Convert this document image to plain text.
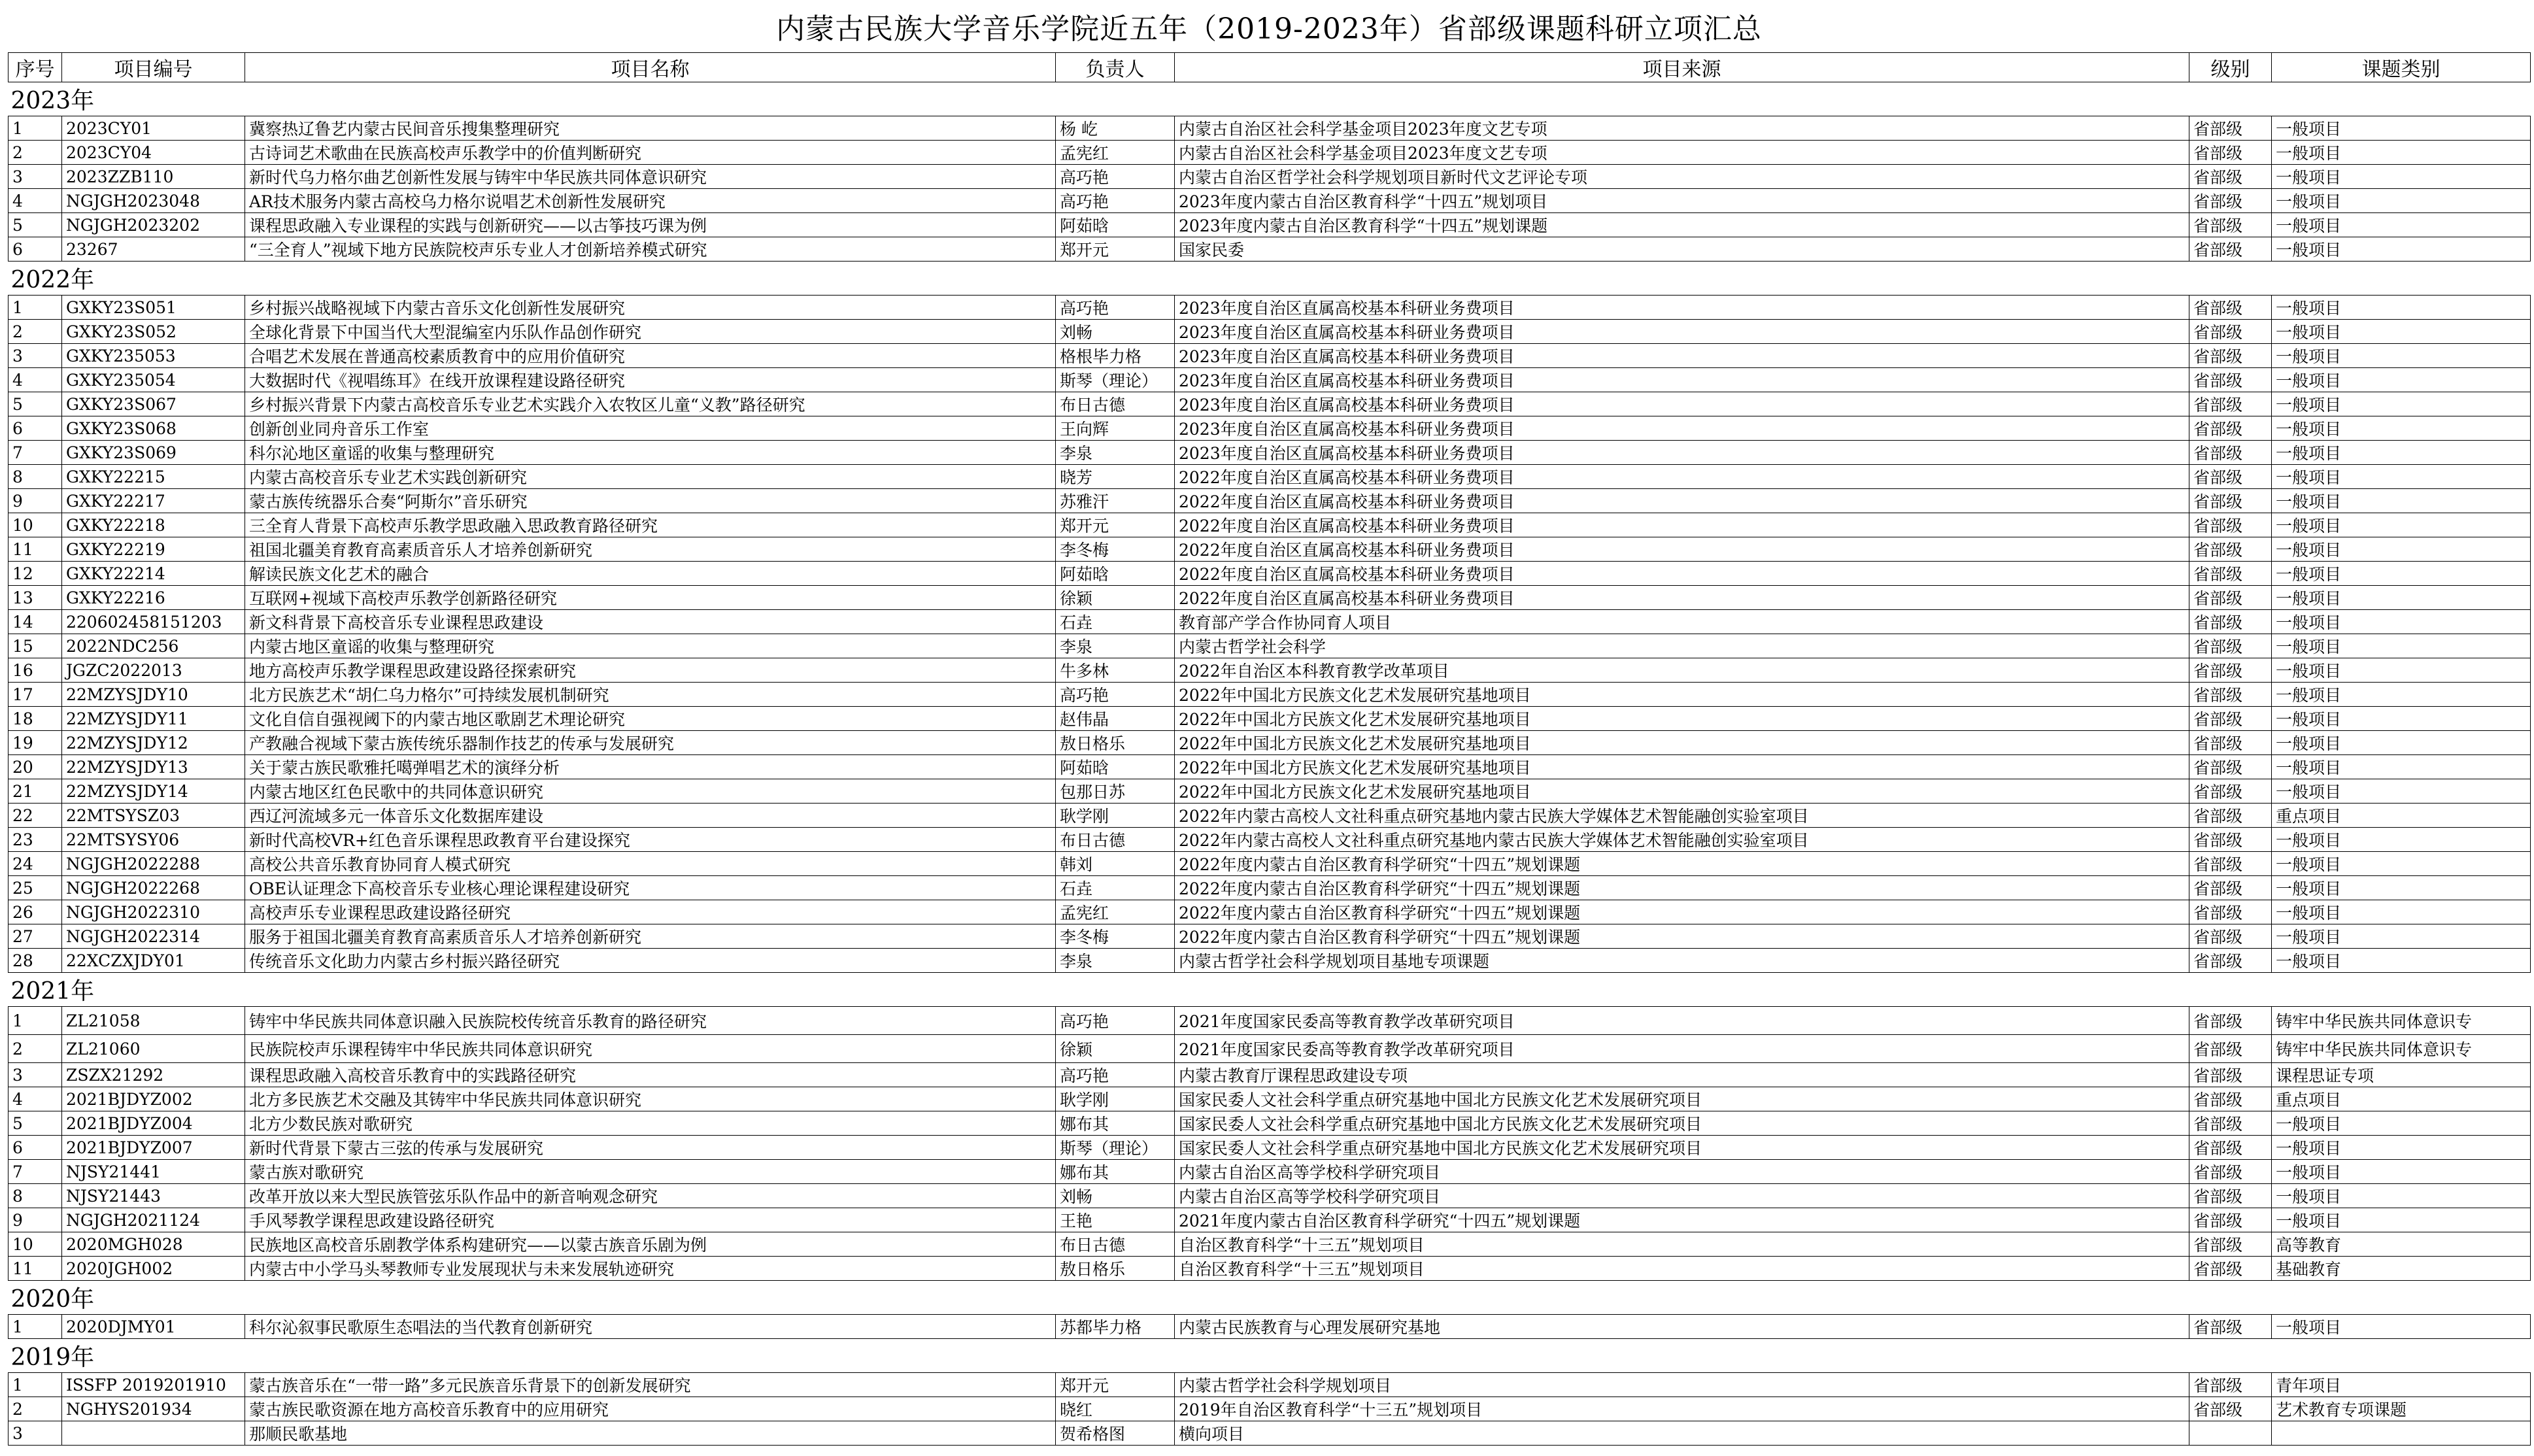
内蒙古民族大学音乐学院近五年（2019-2023年）省部级课题科研立项汇总
序号	项目编号	项目名称	负责人	项目来源	级别	课题类别
2023年						
1	2023CY01	冀察热辽鲁艺内蒙古民间音乐搜集整理研究	杨 屹	内蒙古自治区社会科学基金项目2023年度文艺专项	省部级	一般项目
2	2023CY04	古诗词艺术歌曲在民族高校声乐教学中的价值判断研究	孟宪红	内蒙古自治区社会科学基金项目2023年度文艺专项	省部级	一般项目
3	2023ZZB110	新时代乌力格尔曲艺创新性发展与铸牢中华民族共同体意识研究	高巧艳	内蒙古自治区哲学社会科学规划项目新时代文艺评论专项	省部级	一般项目
4	NGJGH2023048	AR技术服务内蒙古高校乌力格尔说唱艺术创新性发展研究	高巧艳	2023年度内蒙古自治区教育科学“十四五”规划项目	省部级	一般项目
5	NGJGH2023202	课程思政融入专业课程的实践与创新研究——以古筝技巧课为例	阿茹晗	2023年度内蒙古自治区教育科学“十四五”规划课题	省部级	一般项目
6	23267	“三全育人”视域下地方民族院校声乐专业人才创新培养模式研究	郑开元	国家民委	省部级	一般项目
2022年						
1	GXKY23S051	乡村振兴战略视域下内蒙古音乐文化创新性发展研究	高巧艳	2023年度自治区直属高校基本科研业务费项目	省部级	一般项目
2	GXKY23S052	全球化背景下中国当代大型混编室内乐队作品创作研究	刘畅	2023年度自治区直属高校基本科研业务费项目	省部级	一般项目
3	GXKY235053	合唱艺术发展在普通高校素质教育中的应用价值研究	格根毕力格	2023年度自治区直属高校基本科研业务费项目	省部级	一般项目
4	GXKY235054	大数据时代《视唱练耳》在线开放课程建设路径研究	斯琴（理论）	2023年度自治区直属高校基本科研业务费项目	省部级	一般项目
5	GXKY23S067	乡村振兴背景下内蒙古高校音乐专业艺术实践介入农牧区儿童“义教”路径研究	布日古德	2023年度自治区直属高校基本科研业务费项目	省部级	一般项目
6	GXKY23S068	创新创业同舟音乐工作室	王向辉	2023年度自治区直属高校基本科研业务费项目	省部级	一般项目
7	GXKY23S069	科尔沁地区童谣的收集与整理研究	李泉	2023年度自治区直属高校基本科研业务费项目	省部级	一般项目
8	GXKY22215	内蒙古高校音乐专业艺术实践创新研究	晓芳	2022年度自治区直属高校基本科研业务费项目	省部级	一般项目
9	GXKY22217	蒙古族传统器乐合奏“阿斯尔”音乐研究	苏雅汗	2022年度自治区直属高校基本科研业务费项目	省部级	一般项目
10	GXKY22218	三全育人背景下高校声乐教学思政融入思政教育路径研究	郑开元	2022年度自治区直属高校基本科研业务费项目	省部级	一般项目
11	GXKY22219	祖国北疆美育教育高素质音乐人才培养创新研究	李冬梅	2022年度自治区直属高校基本科研业务费项目	省部级	一般项目
12	GXKY22214	解读民族文化艺术的融合	阿茹晗	2022年度自治区直属高校基本科研业务费项目	省部级	一般项目
13	GXKY22216	互联网+视域下高校声乐教学创新路径研究	徐颖	2022年度自治区直属高校基本科研业务费项目	省部级	一般项目
14	220602458151203	新文科背景下高校音乐专业课程思政建设	石垚	教育部产学合作协同育人项目	省部级	一般项目
15	2022NDC256	内蒙古地区童谣的收集与整理研究	李泉	内蒙古哲学社会科学	省部级	一般项目
16	JGZC2022013	地方高校声乐教学课程思政建设路径探索研究	牛多林	2022年自治区本科教育教学改革项目	省部级	一般项目
17	22MZYSJDY10	北方民族艺术“胡仁乌力格尔”可持续发展机制研究	高巧艳	2022年中国北方民族文化艺术发展研究基地项目	省部级	一般项目
18	22MZYSJDY11	文化自信自强视阈下的内蒙古地区歌剧艺术理论研究	赵伟晶	2022年中国北方民族文化艺术发展研究基地项目	省部级	一般项目
19	22MZYSJDY12	产教融合视域下蒙古族传统乐器制作技艺的传承与发展研究	敖日格乐	2022年中国北方民族文化艺术发展研究基地项目	省部级	一般项目
20	22MZYSJDY13	关于蒙古族民歌雅托噶弹唱艺术的演绎分析	阿茹晗	2022年中国北方民族文化艺术发展研究基地项目	省部级	一般项目
21	22MZYSJDY14	内蒙古地区红色民歌中的共同体意识研究	包那日苏	2022年中国北方民族文化艺术发展研究基地项目	省部级	一般项目
22	22MTSYSZ03	西辽河流域多元一体音乐文化数据库建设	耿学刚	2022年内蒙古高校人文社科重点研究基地内蒙古民族大学媒体艺术智能融创实验室项目	省部级	重点项目
23	22MTSYSY06	新时代高校VR+红色音乐课程思政教育平台建设探究	布日古德	2022年内蒙古高校人文社科重点研究基地内蒙古民族大学媒体艺术智能融创实验室项目	省部级	一般项目
24	NGJGH2022288	高校公共音乐教育协同育人模式研究	韩刘	2022年度内蒙古自治区教育科学研究“十四五”规划课题	省部级	一般项目
25	NGJGH2022268	OBE认证理念下高校音乐专业核心理论课程建设研究	石垚	2022年度内蒙古自治区教育科学研究“十四五”规划课题	省部级	一般项目
26	NGJGH2022310	高校声乐专业课程思政建设路径研究	孟宪红	2022年度内蒙古自治区教育科学研究“十四五”规划课题	省部级	一般项目
27	NGJGH2022314	服务于祖国北疆美育教育高素质音乐人才培养创新研究	李冬梅	2022年度内蒙古自治区教育科学研究“十四五”规划课题	省部级	一般项目
28	22XCZXJDY01	传统音乐文化助力内蒙古乡村振兴路径研究	李泉	内蒙古哲学社会科学规划项目基地专项课题	省部级	一般项目
2021年						
1	ZL21058	铸牢中华民族共同体意识融入民族院校传统音乐教育的路径研究	高巧艳	2021年度国家民委高等教育教学改革研究项目	省部级	铸牢中华民族共同体意识专
2	ZL21060	民族院校声乐课程铸牢中华民族共同体意识研究	徐颖	2021年度国家民委高等教育教学改革研究项目	省部级	铸牢中华民族共同体意识专
3	ZSZX21292	课程思政融入高校音乐教育中的实践路径研究	高巧艳	内蒙古教育厅课程思政建设专项	省部级	课程思证专项
4	2021BJDYZ002	北方多民族艺术交融及其铸牢中华民族共同体意识研究	耿学刚	国家民委人文社会科学重点研究基地中国北方民族文化艺术发展研究项目	省部级	重点项目
5	2021BJDYZ004	北方少数民族对歌研究	娜布其	国家民委人文社会科学重点研究基地中国北方民族文化艺术发展研究项目	省部级	一般项目
6	2021BJDYZ007	新时代背景下蒙古三弦的传承与发展研究	斯琴（理论）	国家民委人文社会科学重点研究基地中国北方民族文化艺术发展研究项目	省部级	一般项目
7	NJSY21441	蒙古族对歌研究	娜布其	内蒙古自治区高等学校科学研究项目	省部级	一般项目
8	NJSY21443	改革开放以来大型民族管弦乐队作品中的新音响观念研究	刘畅	内蒙古自治区高等学校科学研究项目	省部级	一般项目
9	NGJGH2021124	手风琴教学课程思政建设路径研究	王艳	2021年度内蒙古自治区教育科学研究“十四五”规划课题	省部级	一般项目
10	2020MGH028	民族地区高校音乐剧教学体系构建研究——以蒙古族音乐剧为例	布日古德	自治区教育科学“十三五”规划项目	省部级	高等教育
11	2020JGH002	内蒙古中小学马头琴教师专业发展现状与未来发展轨迹研究	敖日格乐	自治区教育科学“十三五”规划项目	省部级	基础教育
2020年						
1	2020DJMY01	科尔沁叙事民歌原生态唱法的当代教育创新研究	苏都毕力格	内蒙古民族教育与心理发展研究基地	省部级	一般项目
2019年						
1	ISSFP 2019201910	蒙古族音乐在“一带一路”多元民族音乐背景下的创新发展研究	郑开元	内蒙古哲学社会科学规划项目	省部级	青年项目
2	NGHYS201934	蒙古族民歌资源在地方高校音乐教育中的应用研究	晓红	2019年自治区教育科学“十三五”规划项目	省部级	艺术教育专项课题
3		那顺民歌基地	贺希格图	横向项目		
